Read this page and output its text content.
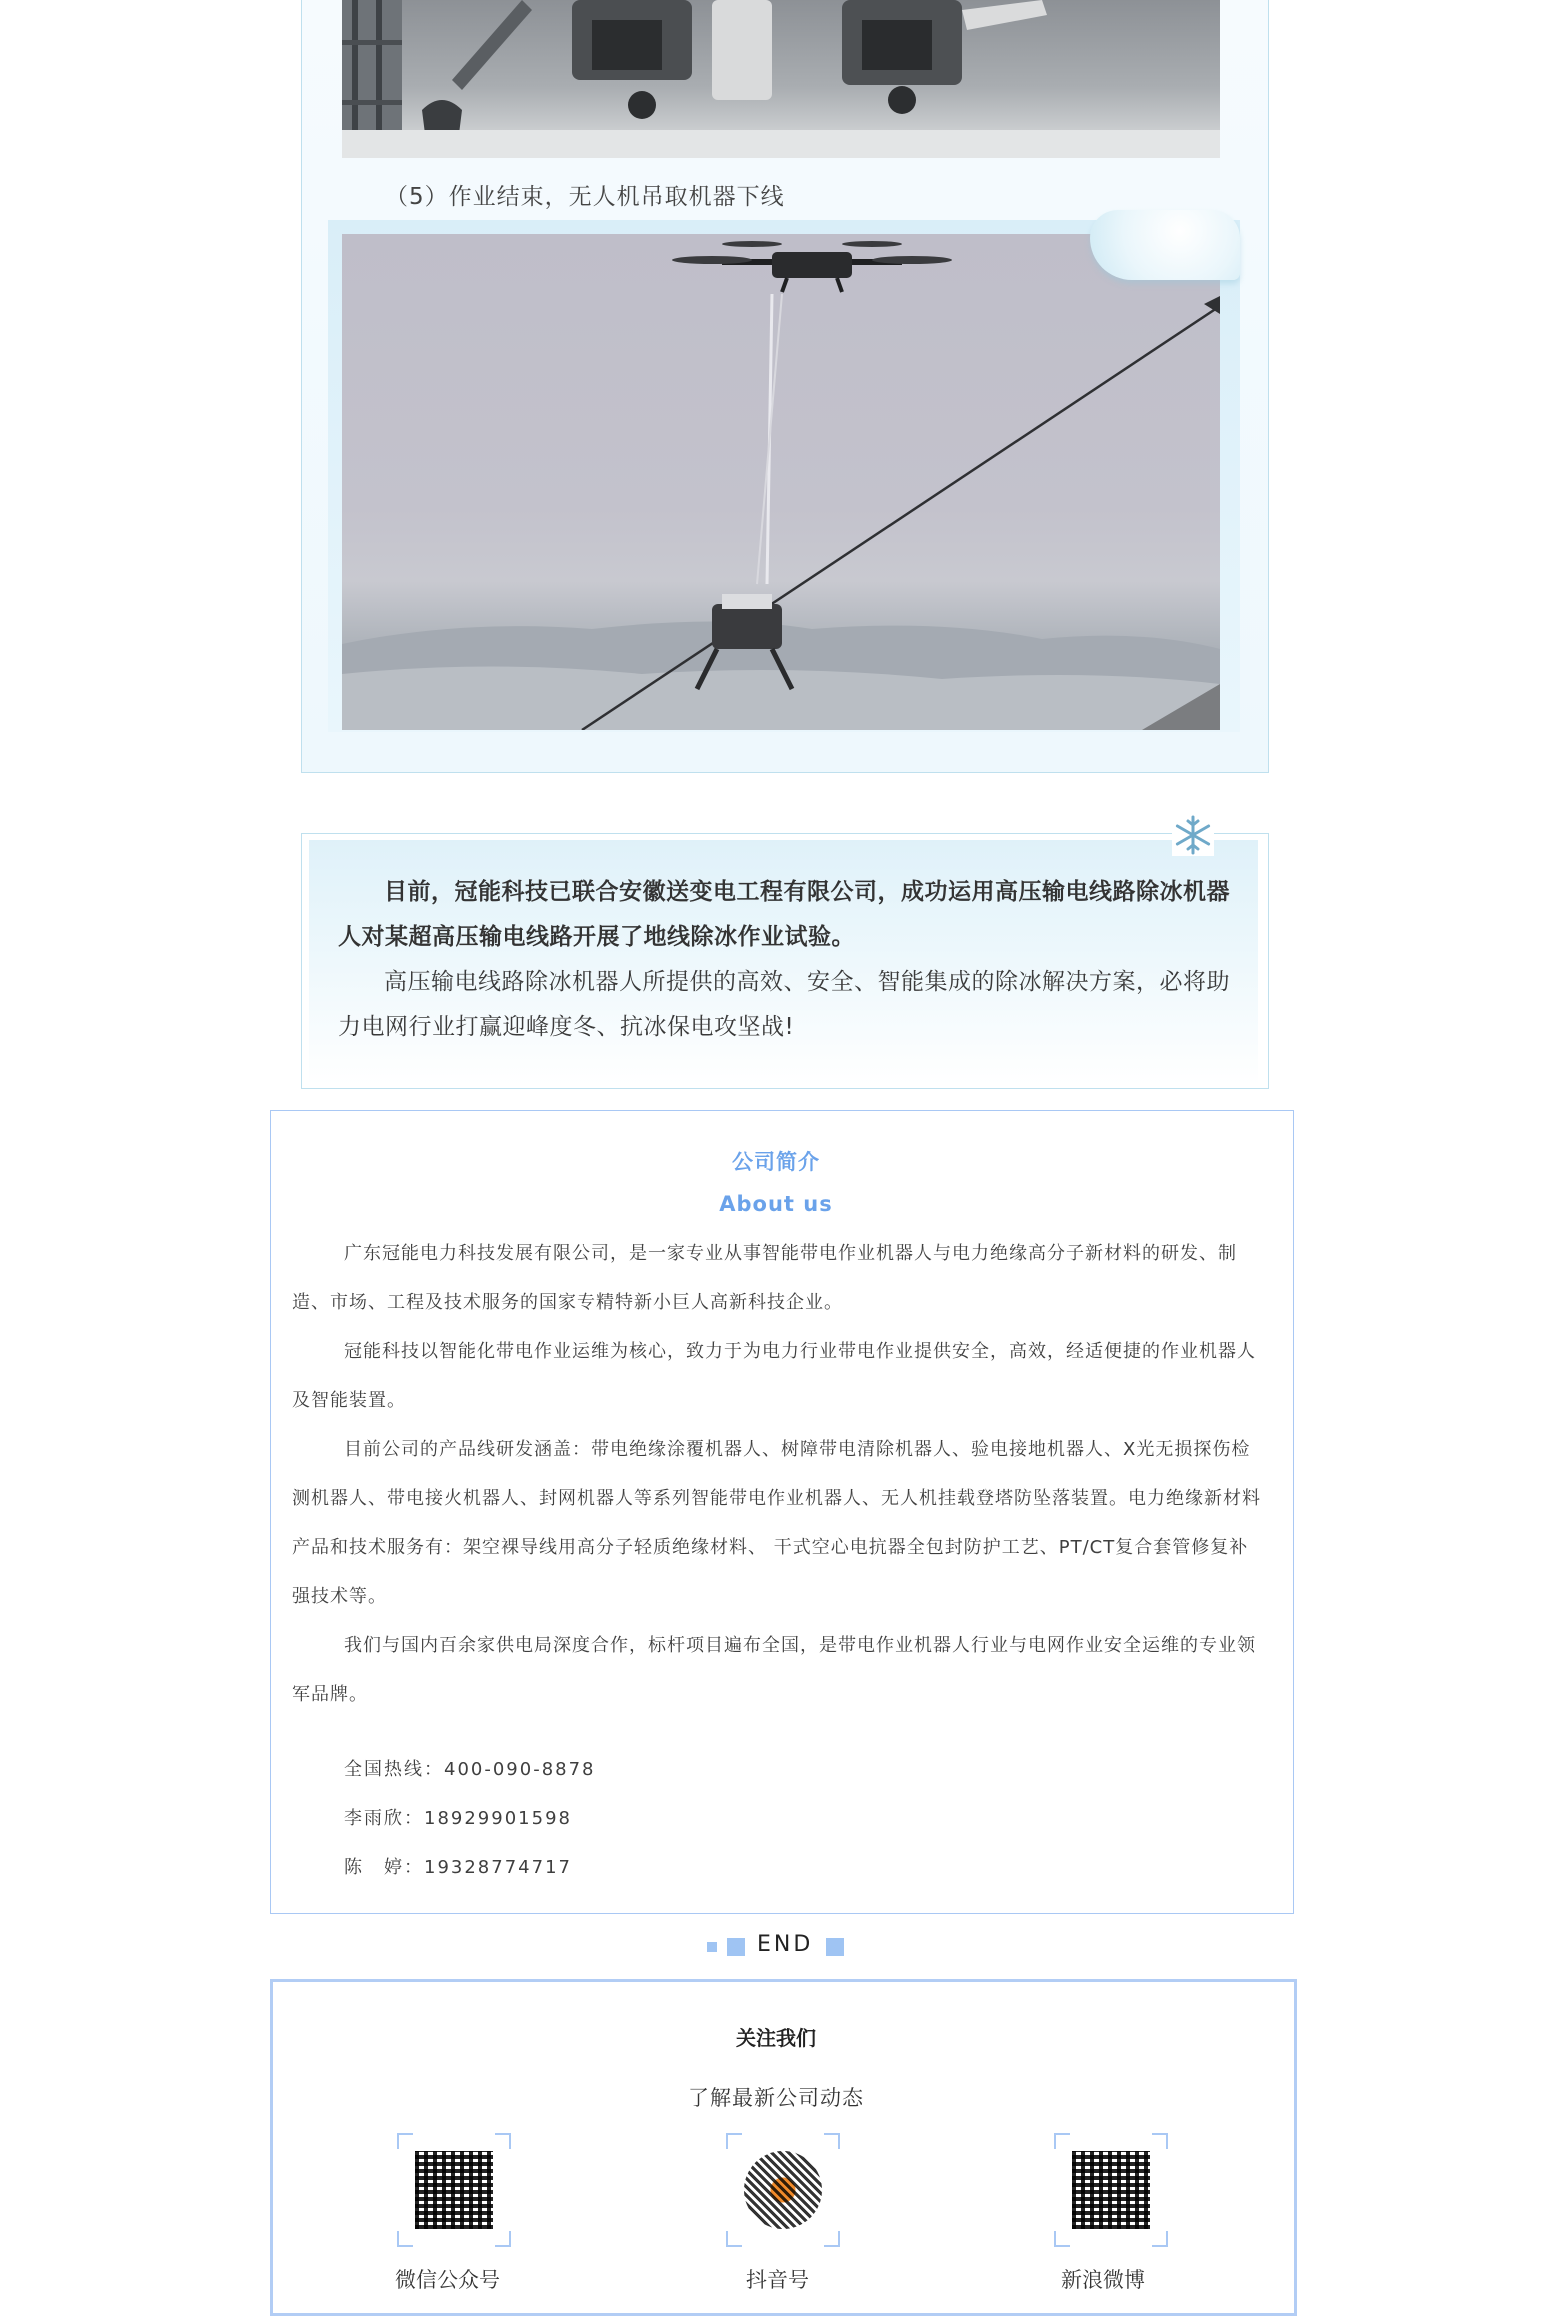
（5）作业结束，无人机吊取机器下线
目前，冠能科技已联合安徽送变电工程有限公司，成功运用高压输电线路除冰机器人对某超高压输电线路开展了地线除冰作业试验。
高压输电线路除冰机器人所提供的高效、安全、智能集成的除冰解决方案，必将助力电网行业打赢迎峰度冬、抗冰保电攻坚战!
公司简介
About us
广东冠能电力科技发展有限公司，是一家专业从事智能带电作业机器人与电力绝缘高分子新材料的研发、制造、市场、工程及技术服务的国家专精特新小巨人高新科技企业。
冠能科技以智能化带电作业运维为核心，致力于为电力行业带电作业提供安全，高效，经适便捷的作业机器人及智能装置。
目前公司的产品线研发涵盖：带电绝缘涂覆机器人、树障带电清除机器人、验电接地机器人、X光无损探伤检测机器人、带电接火机器人、封网机器人等系列智能带电作业机器人、无人机挂载登塔防坠落装置。电力绝缘新材料产品和技术服务有：架空裸导线用高分子轻质绝缘材料、 干式空心电抗器全包封防护工艺、PT/CT复合套管修复补强技术等。
我们与国内百余家供电局深度合作，标杆项目遍布全国，是带电作业机器人行业与电网作业安全运维的专业领军品牌。
全国热线：400-090-8878
李雨欣：18929901598
陈　婷：19328774717
END
关注我们
了解最新公司动态
微信公众号	抖音号	新浪微博
